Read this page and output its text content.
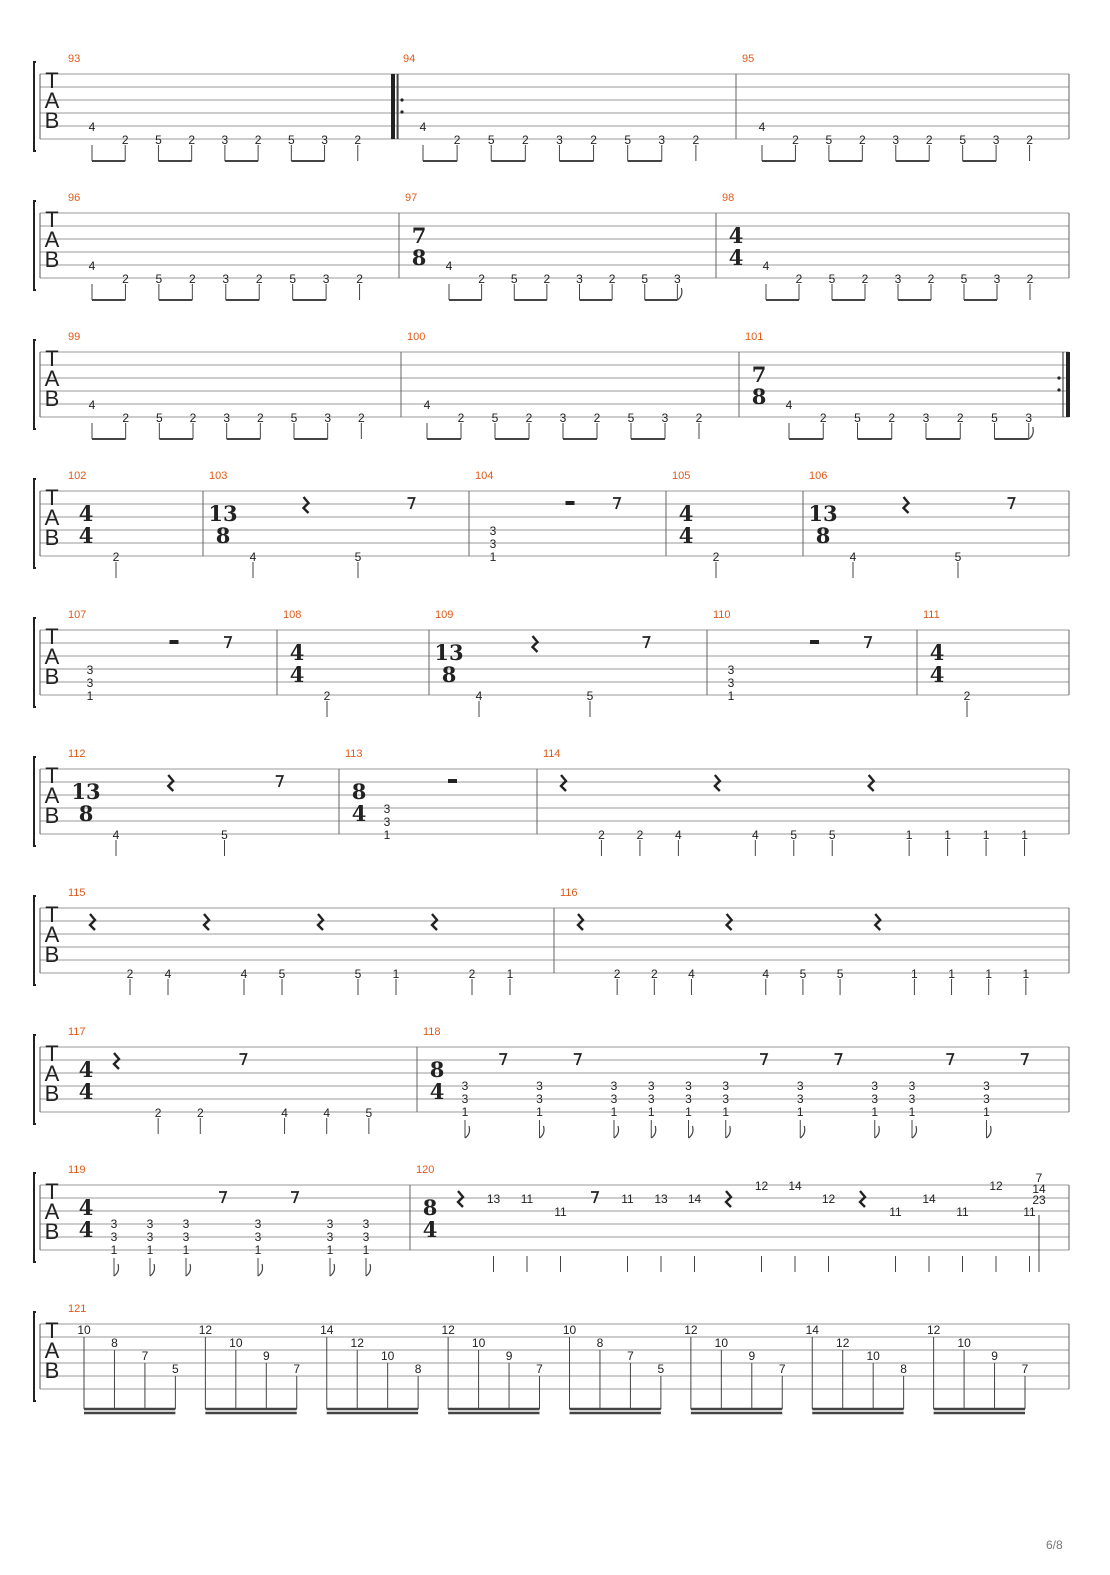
T
A
B
93
4
2 5 2 3 2 5 3 2
94
4
2 5 2 3 2 5 3 2
95
4
2 5 2 3 2 5 3 2
T
A
B
96
4
2 5 2 3 2 5 3 2
97
7
8 4
2 5 2 3 2 5 3
98
4
4 4
2 5 2 3 2 5 3 2
T
A
B
99
4
2 5 2 3 2 5 3 2
100
4
2 5 2 3 2 5 3 2
101
7
8 4
2 5 2 3 2 5 3
T
A
B
102
4
4
2
103
13
8
4	5
104
3
3
1
105
4
4
2
106
13
8
4	5
T
A
B
107
3
3
1
108
4
4
2
109
13
8
4	5
110
3
3
1
111
4
4
2
T
A
B
112
13
8
4	5
113
8
4 3
3
1
114
2	2	4	4	5	5	1	1	1	1
T
A
B
115
2	4	4	5	5	1	2	1
116
2	2	4	4	5	5	1	1	1	1
T
A
B
117
4
4
2	2	4	4	5
118
8
4 3
3
1
3
3
1
3
3
1
3
3
1
3
3
1
3
3
1
3
3
1
3
3
1
3
3
1
3
3
1
T
A
B
119
4
4 3
3
1
3
3
1
3
3
1
3
3
1
3
3
1
3
3
1
120
8
4
13 11
11
11 13 14
12 14
12
11
14
11
12
11
7
14
23
T
A
B
121
10
8
7
5
12
10
9
7
14
12
10
8
12
10
9
7
10
8
7
5
12
10
9
7
14
12
10
8
12
10
9
7
6/8
